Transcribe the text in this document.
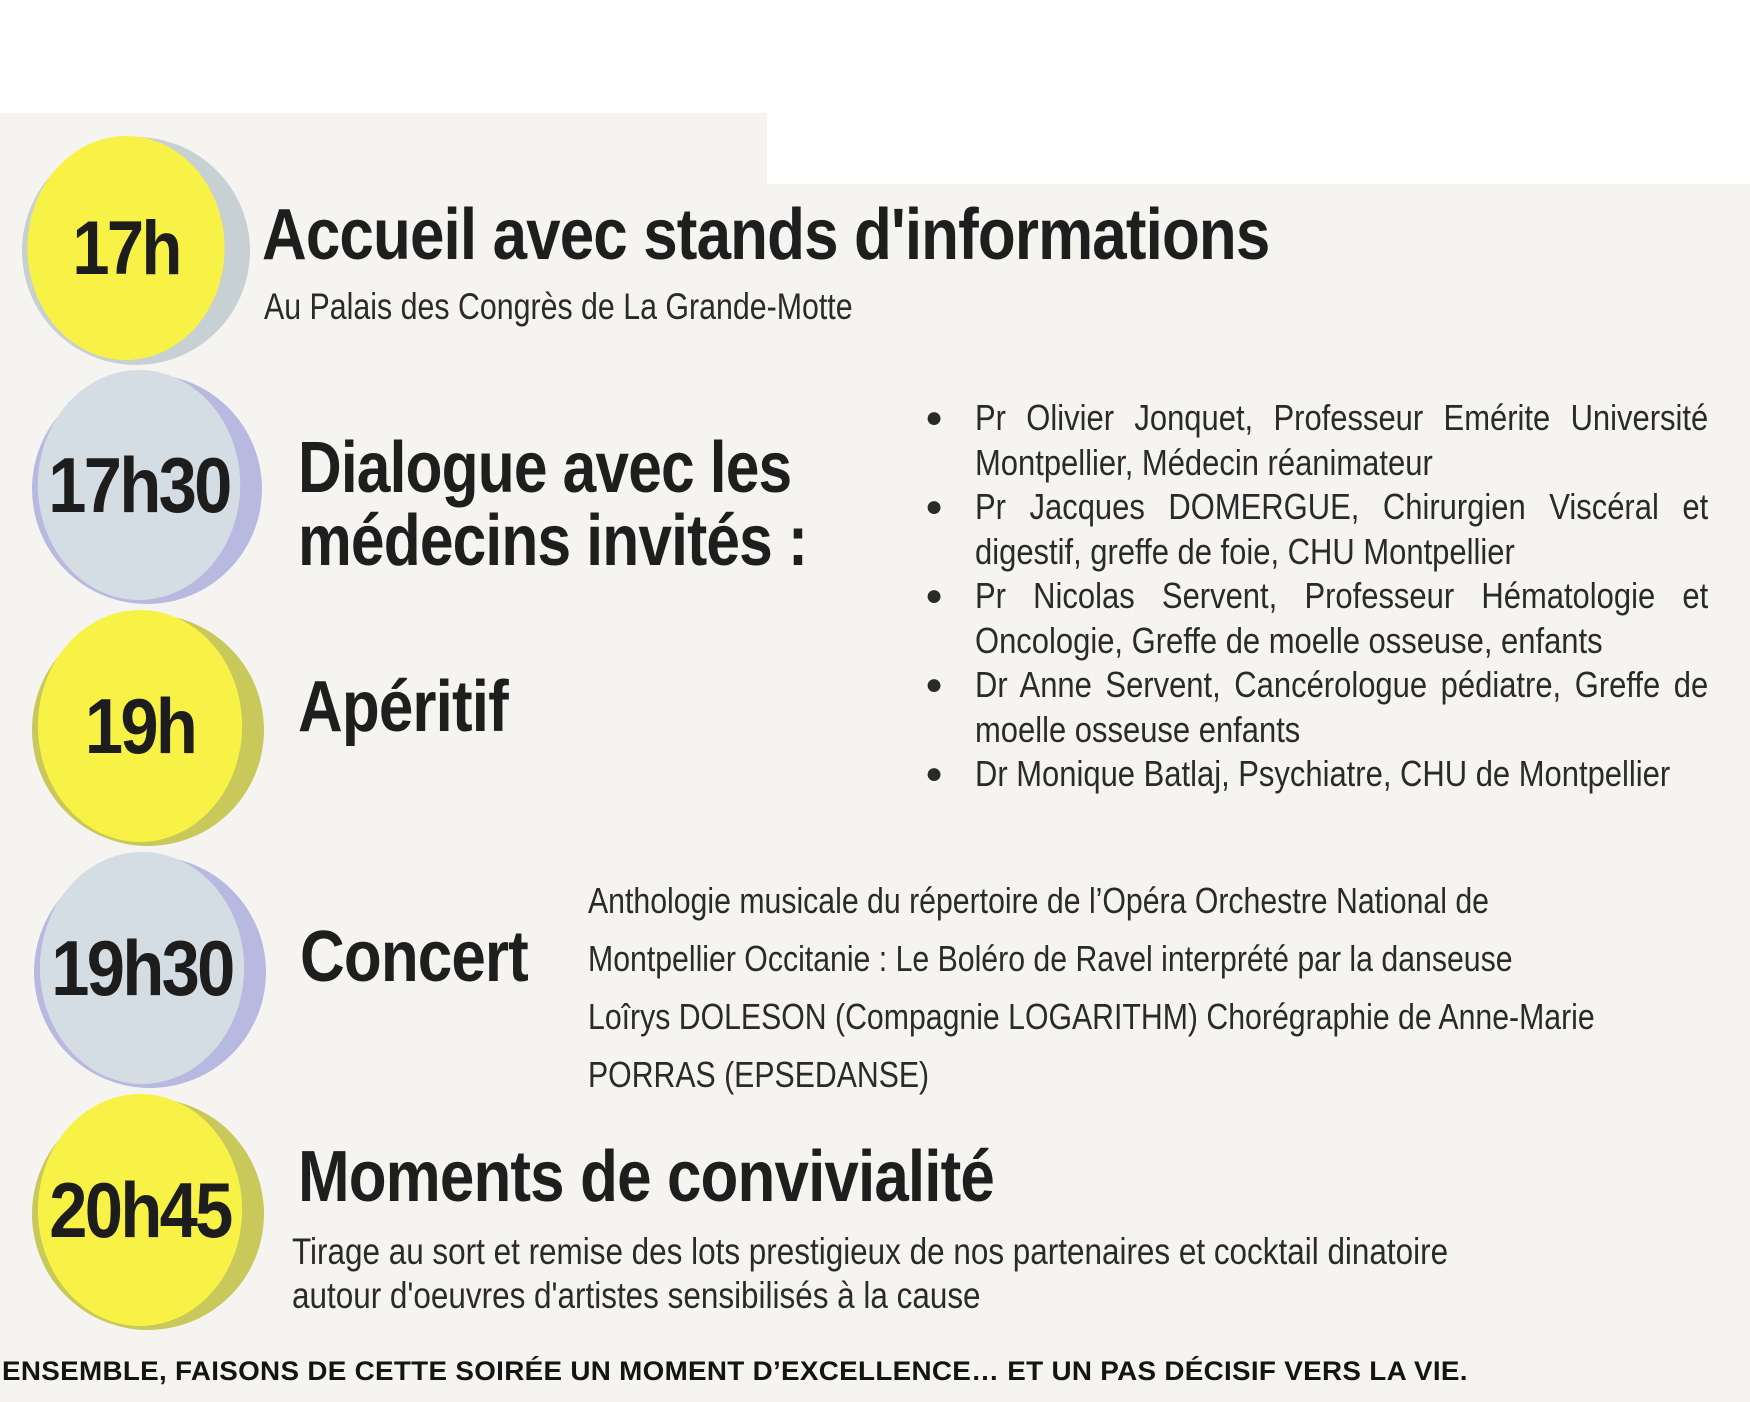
17h Accueil avec stands d'informations

Au Palais des Congrès de La Grande-Motte

17h30 Dialogue avec les
médecins invités :
● Pr Olivier Jonquet, Professeur Emérite Université Montpellier, Médecin réanimateur
● Pr Jacques DOMERGUE, Chirurgien Viscéral et digestif, greffe de foie, CHU Montpellier
● Pr Nicolas Servent, Professeur Hématologie et Oncologie, Greffe de moelle osseuse, enfants
● Dr Anne Servent, Cancérologue pédiatre, Greffe de moelle osseuse enfants
● Dr Monique Batlaj, Psychiatre, CHU de Montpellier
19h Apéritif
19h30 Concert
Anthologie musicale du répertoire de l’Opéra Orchestre National de
Montpellier Occitanie : Le Boléro de Ravel interprété par la danseuse
Loîrys DOLESON (Compagnie LOGARITHM) Chorégraphie de Anne-Marie
PORRAS (EPSEDANSE)
20h45 Moments de convivialité
Tirage au sort et remise des lots prestigieux de nos partenaires et cocktail dinatoire
autour d'oeuvres d'artistes sensibilisés à la cause

ENSEMBLE, FAISONS DE CETTE SOIRÉE UN MOMENT D’EXCELLENCE… ET UN PAS DÉCISIF VERS LA VIE.
